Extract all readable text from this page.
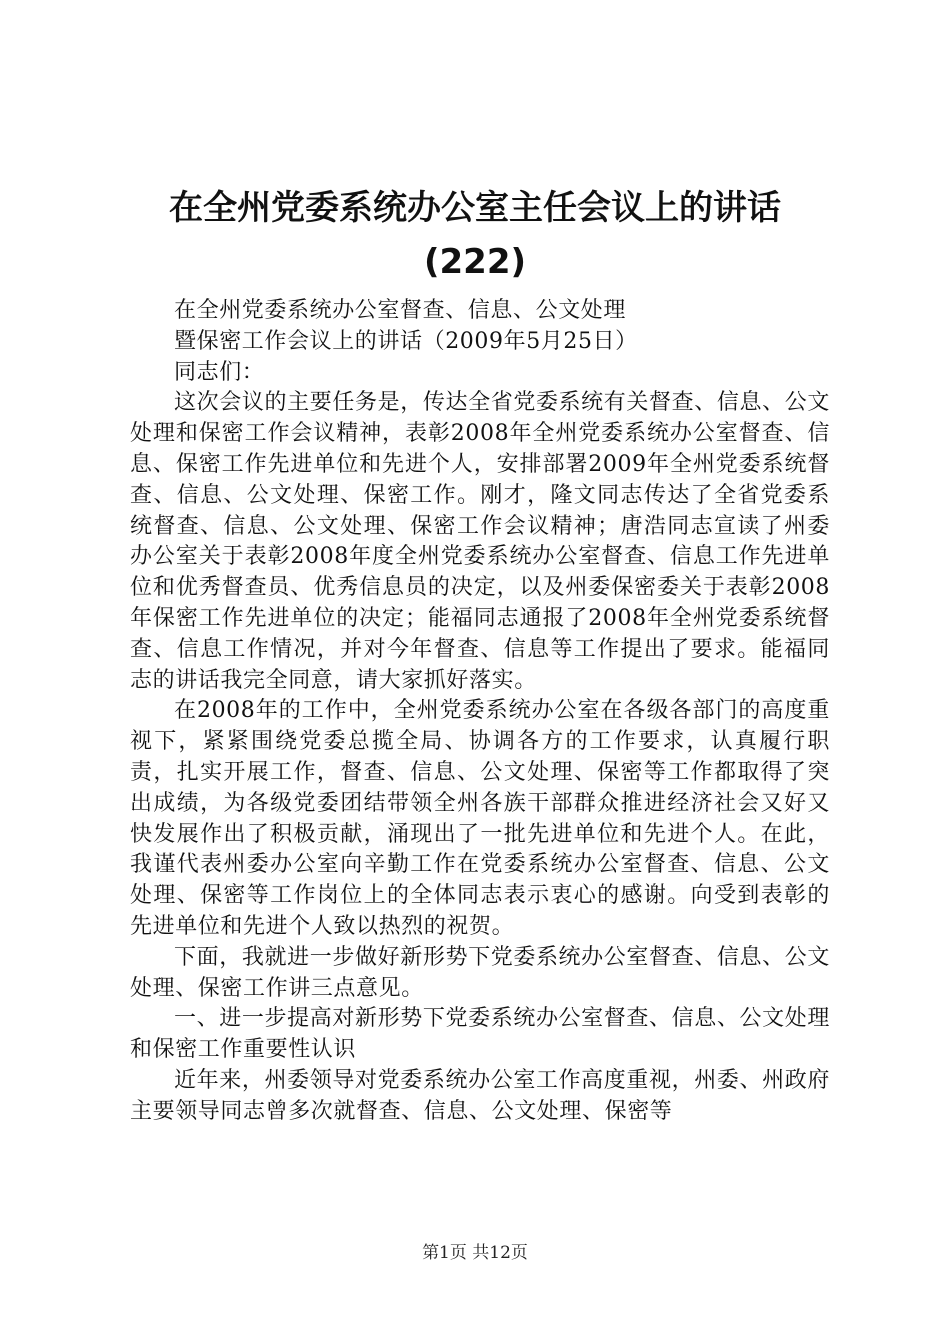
在全州党委系统办公室主任会议上的讲话
(222)

在全州党委系统办公室督查、信息、公文处理

暨保密工作会议上的讲话（2009年5月25日）

同志们：

这次会议的主要任务是，传达全省党委系统有关督查、信息、公文处理和保密工作会议精神，表彰2008年全州党委系统办公室督查、信息、保密工作先进单位和先进个人，安排部署2009年全州党委系统督查、信息、公文处理、保密工作。刚才，隆文同志传达了全省党委系统督查、信息、公文处理、保密工作会议精神；唐浩同志宣读了州委办公室关于表彰2008年度全州党委系统办公室督查、信息工作先进单位和优秀督查员、优秀信息员的决定，以及州委保密委关于表彰2008年保密工作先进单位的决定；能福同志通报了2008年全州党委系统督查、信息工作情况，并对今年督查、信息等工作提出了要求。能福同志的讲话我完全同意，请大家抓好落实。

在2008年的工作中，全州党委系统办公室在各级各部门的高度重视下，紧紧围绕党委总揽全局、协调各方的工作要求，认真履行职责，扎实开展工作，督查、信息、公文处理、保密等工作都取得了突出成绩，为各级党委团结带领全州各族干部群众推进经济社会又好又快发展作出了积极贡献，涌现出了一批先进单位和先进个人。在此，我谨代表州委办公室向辛勤工作在党委系统办公室督查、信息、公文处理、保密等工作岗位上的全体同志表示衷心的感谢。向受到表彰的先进单位和先进个人致以热烈的祝贺。

下面，我就进一步做好新形势下党委系统办公室督查、信息、公文处理、保密工作讲三点意见。

一、进一步提高对新形势下党委系统办公室督查、信息、公文处理和保密工作重要性认识

近年来，州委领导对党委系统办公室工作高度重视，州委、州政府主要领导同志曾多次就督查、信息、公文处理、保密等

第1页 共12页
